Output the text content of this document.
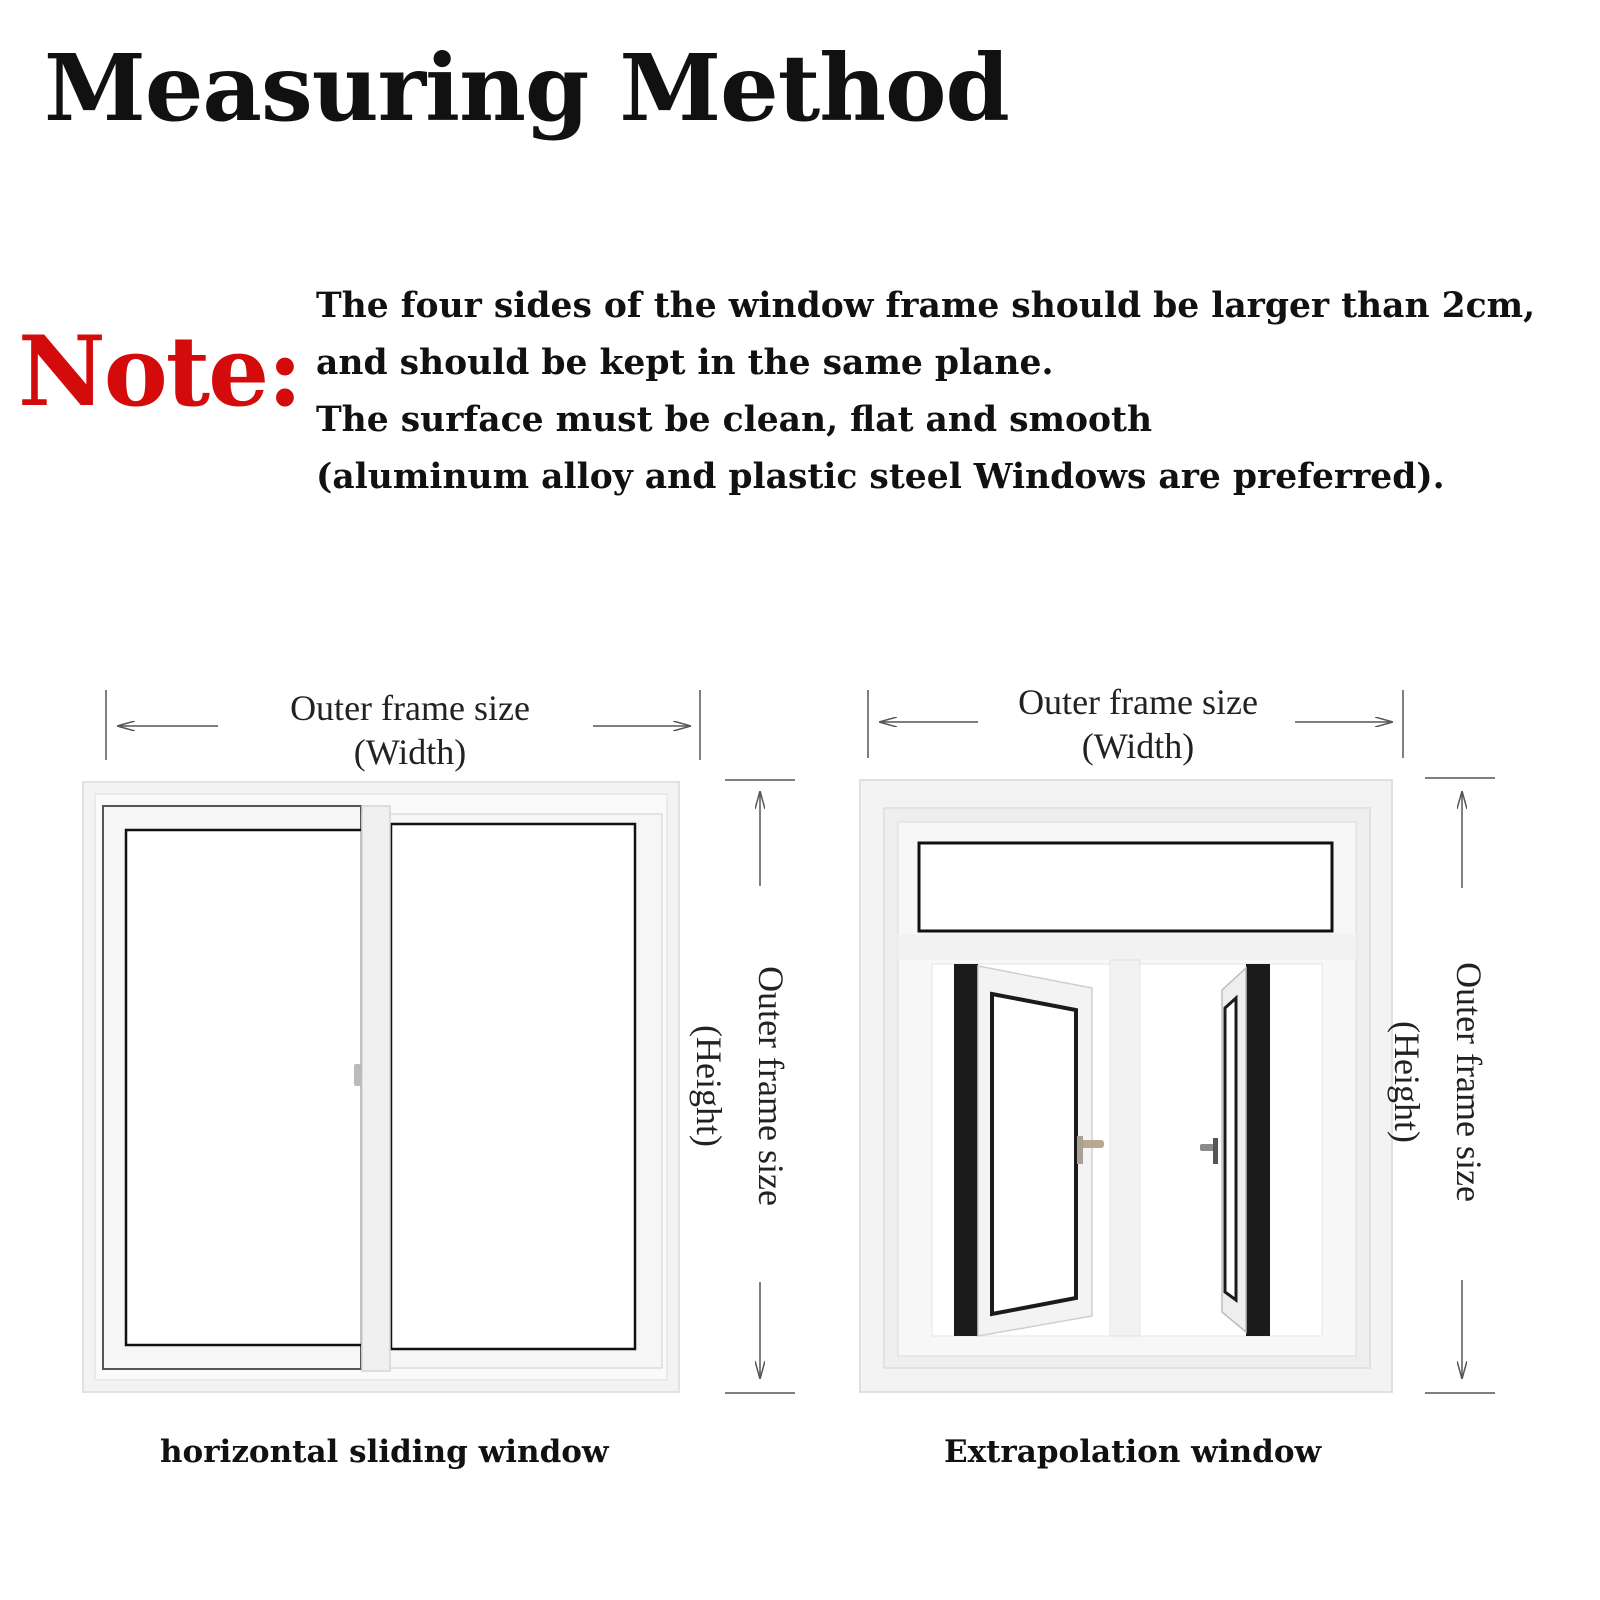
Measuring Method
Note:
The four sides of the window frame should be larger than 2cm,
and should be kept in the same plane.
The surface must be clean, flat and smooth
(aluminum alloy and plastic steel Windows are preferred).
Outer frame size
(Width)
Outer frame size
(Height)
horizontal sliding window
Outer frame size
(Width)
Outer frame size
(Height)
Extrapolation window
